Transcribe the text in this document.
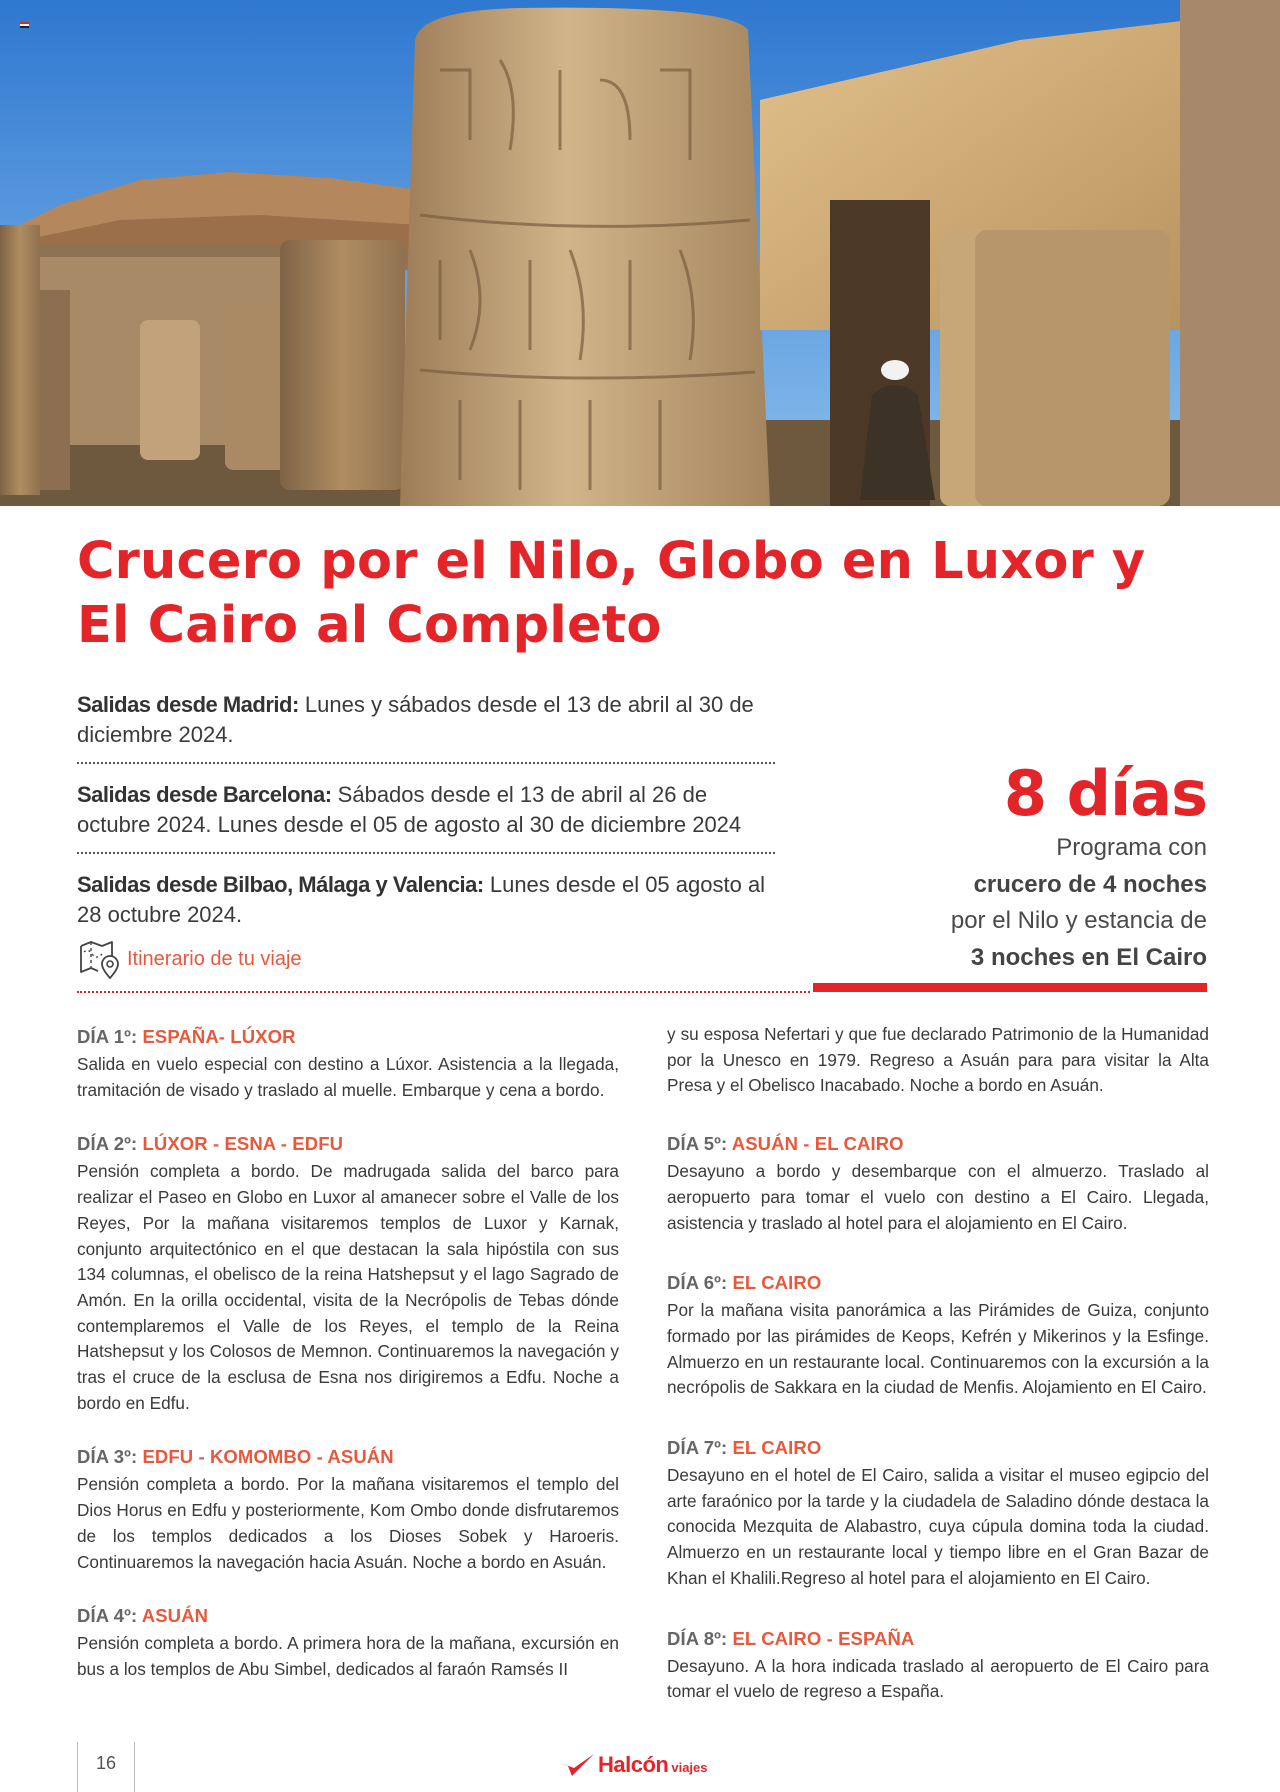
Crucero por el Nilo, Globo en Luxor y
El Cairo al Completo
Salidas desde Madrid: Lunes y sábados desde el 13 de abril al 30 de diciembre 2024.
Salidas desde Barcelona: Sábados desde el 13 de abril al 26 de octubre 2024. Lunes desde el 05 de agosto al 30 de diciembre 2024
Salidas desde Bilbao, Málaga y Valencia: Lunes desde el 05 agosto al 28 octubre 2024.
Itinerario de tu viaje
8 días
Programa con
crucero de 4 noches
por el Nilo y estancia de
3 noches en El Cairo
DÍA 1º: ESPAÑA- LÚXOR

Salida en vuelo especial con destino a Lúxor. Asistencia a la llegada, tramitación de visado y traslado al muelle. Embarque y cena a bordo.

DÍA 2º: LÚXOR - ESNA - EDFU

Pensión completa a bordo. De madrugada salida del barco para realizar el Paseo en Globo en Luxor al amanecer sobre el Valle de los Reyes, Por la mañana visitaremos templos de Luxor y Karnak, conjunto arquitectónico en el que destacan la sala hipóstila con sus 134 columnas, el obelisco de la reina Hatshepsut y el lago Sagrado de Amón. En la orilla occidental, visita de la Necrópolis de Tebas dónde contemplaremos el Valle de los Reyes, el templo de la Reina Hatshepsut y los Colosos de Memnon. Continuaremos la navegación y tras el cruce de la esclusa de Esna nos dirigiremos a Edfu. Noche a bordo en Edfu.

DÍA 3º: EDFU - KOMOMBO - ASUÁN

Pensión completa a bordo. Por la mañana visitaremos el templo del Dios Horus en Edfu y posteriormente, Kom Ombo donde disfrutaremos de los templos dedicados a los Dioses Sobek y Haroeris. Continuaremos la navegación hacia Asuán. Noche a bordo en Asuán.

DÍA 4º: ASUÁN

Pensión completa a bordo. A primera hora de la mañana, excursión en bus a los templos de Abu Simbel, dedicados al faraón Ramsés II

y su esposa Nefertari y que fue declarado Patrimonio de la Humanidad por la Unesco en 1979. Regreso a Asuán para para visitar la Alta Presa y el Obelisco Inacabado. Noche a bordo en Asuán.

DÍA 5º: ASUÁN - EL CAIRO

Desayuno a bordo y desembarque con el almuerzo. Traslado al aeropuerto para tomar el vuelo con destino a El Cairo. Llegada, asistencia y traslado al hotel para el alojamiento en El Cairo.

DÍA 6º: EL CAIRO

Por la mañana visita panorámica a las Pirámides de Guiza, conjunto formado por las pirámides de Keops, Kefrén y Mikerinos y la Esfinge. Almuerzo en un restaurante local. Continuaremos con la excursión a la necrópolis de Sakkara en la ciudad de Menfis. Alojamiento en El Cairo.

DÍA 7º: EL CAIRO

Desayuno en el hotel de El Cairo, salida a visitar el museo egipcio del arte faraónico por la tarde y la ciudadela de Saladino dónde destaca la conocida Mezquita de Alabastro, cuya cúpula domina toda la ciudad. Almuerzo en un restaurante local y tiempo libre en el Gran Bazar de Khan el Khalili.Regreso al hotel para el alojamiento en El Cairo.

DÍA 8º: EL CAIRO - ESPAÑA

Desayuno. A la hora indicada traslado al aeropuerto de El Cairo para tomar el vuelo de regreso a España.

16	Halcón viajes
